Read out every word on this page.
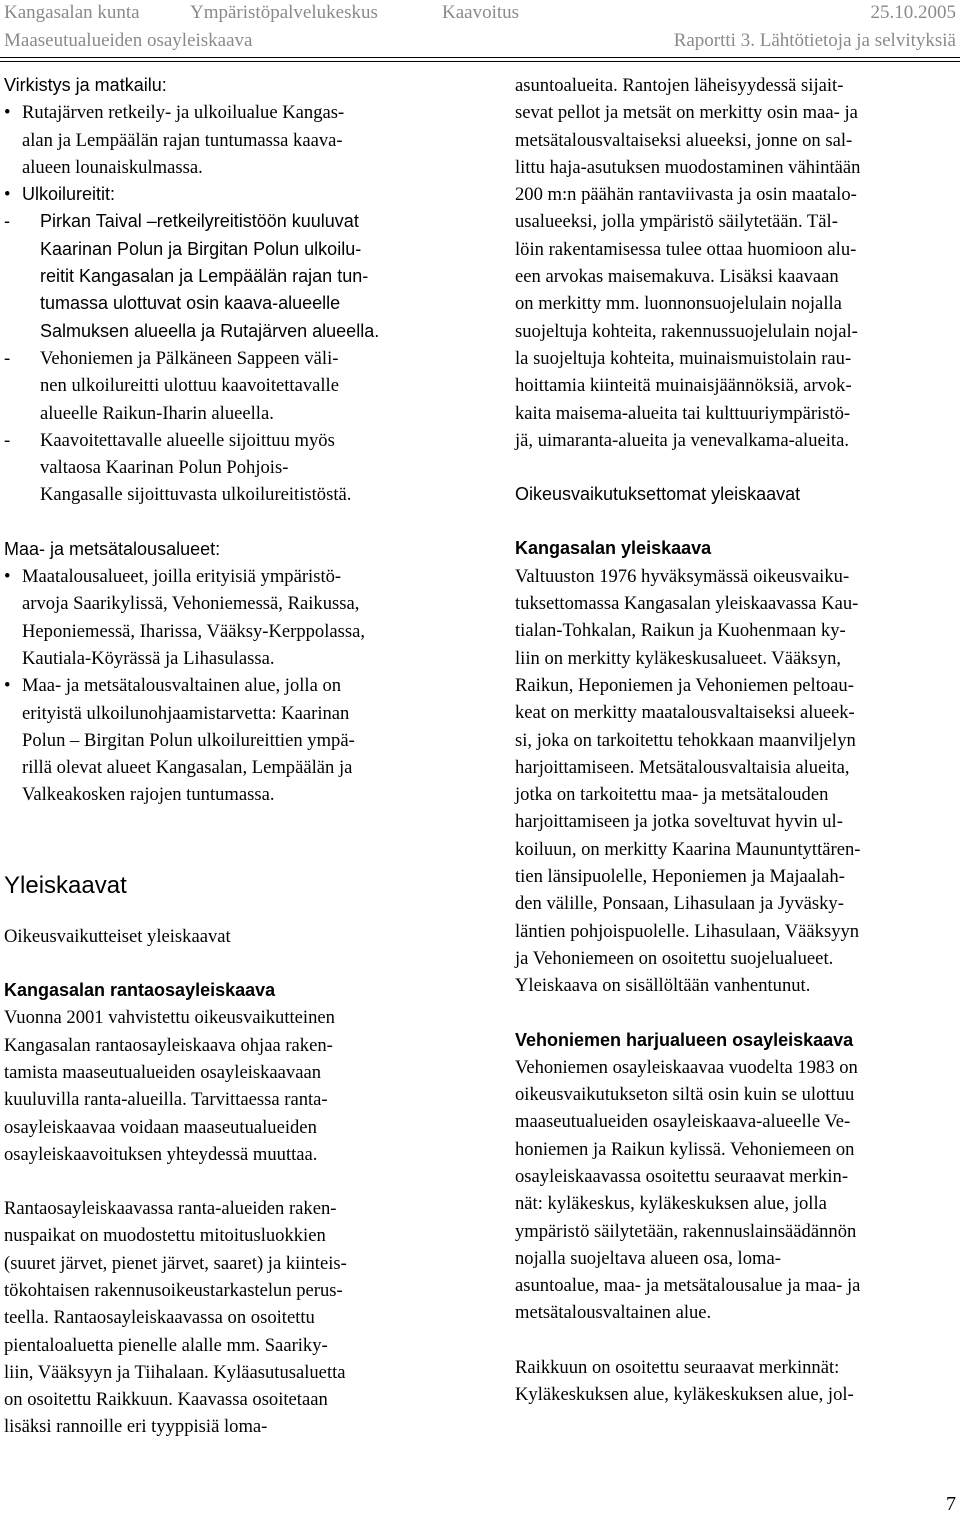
Kangasalan kunta	Ympäristöpalvelukeskus	Kaavoitus	25.10.2005
Maaseutualueiden osayleiskaava	Raportti 3. Lähtötietoja ja selvityksiä

Virkistys ja matkailu:

• Rutajärven retkeily- ja ulkoilualue Kangas-
alan ja Lempäälän rajan tuntumassa kaava-
alueen lounaiskulmassa.
• Ulkoilureitit:
-	Pirkan Taival –retkeilyreitistöön kuuluvat
Kaarinan Polun ja Birgitan Polun ulkoilu-
reitit Kangasalan ja Lempäälän rajan tun-
tumassa ulottuvat osin kaava-alueelle
Salmuksen alueella ja Rutajärven alueella.
-	Vehoniemen ja Pälkäneen Sappeen väli-
nen ulkoilureitti ulottuu kaavoitettavalle
alueelle Raikun-Iharin alueella.
-	Kaavoitettavalle alueelle sijoittuu myös
valtaosa Kaarinan Polun Pohjois-
Kangasalle sijoittuvasta ulkoilureitistöstä.

Maa- ja metsätalousalueet:

• Maatalousalueet, joilla erityisiä ympäristö-
arvoja Saarikylissä, Vehoniemessä, Raikussa,
Heponiemessä, Iharissa, Vääksy-Kerppolassa,
Kautiala-Köyrässä ja Lihasulassa.
• Maa- ja metsätalousvaltainen alue, jolla on
erityistä ulkoilunohjaamistarvetta: Kaarinan
Polun – Birgitan Polun ulkoilureittien ympä-
rillä olevat alueet Kangasalan, Lempäälän ja
Valkeakosken rajojen tuntumassa.

Yleiskaavat

Oikeusvaikutteiset yleiskaavat

Kangasalan rantaosayleiskaava

Vuonna 2001 vahvistettu oikeusvaikutteinen
Kangasalan rantaosayleiskaava ohjaa raken-
tamista maaseutualueiden osayleiskaavaan
kuuluvilla ranta-alueilla. Tarvittaessa ranta-
osayleiskaavaa voidaan maaseutualueiden
osayleiskaavoituksen yhteydessä muuttaa.
Rantaosayleiskaavassa ranta-alueiden raken-
nuspaikat on muodostettu mitoitusluokkien
(suuret järvet, pienet järvet, saaret) ja kiinteis-
tökohtaisen rakennusoikeustarkastelun perus-
teella. Rantaosayleiskaavassa on osoitettu
pientaloaluetta pienelle alalle mm. Saariky-
liin, Vääksyyn ja Tiihalaan. Kyläasutusaluetta
on osoitettu Raikkuun. Kaavassa osoitetaan
lisäksi rannoille eri tyyppisiä loma-
asuntoalueita. Rantojen läheisyydessä sijait-
sevat pellot ja metsät on merkitty osin maa- ja
metsätalousvaltaiseksi alueeksi, jonne on sal-
littu haja-asutuksen muodostaminen vähintään
200 m:n päähän rantaviivasta ja osin maatalo-
usalueeksi, jolla ympäristö säilytetään. Täl-
löin rakentamisessa tulee ottaa huomioon alu-
een arvokas maisemakuva. Lisäksi kaavaan
on merkitty mm. luonnonsuojelulain nojalla
suojeltuja kohteita, rakennussuojelulain nojal-
la suojeltuja kohteita, muinaismuistolain rau-
hoittamia kiinteitä muinaisjäännöksiä, arvok-
kaita maisema-alueita tai kulttuuriympäristö-
jä, uimaranta-alueita ja venevalkama-alueita.

Oikeusvaikutuksettomat yleiskaavat

Kangasalan yleiskaava

Valtuuston 1976 hyväksymässä oikeusvaiku-
tuksettomassa Kangasalan yleiskaavassa Kau-
tialan-Tohkalan, Raikun ja Kuohenmaan ky-
liin on merkitty kyläkeskusalueet. Vääksyn,
Raikun, Heponiemen ja Vehoniemen peltoau-
keat on merkitty maatalousvaltaiseksi alueek-
si, joka on tarkoitettu tehokkaan maanviljelyn
harjoittamiseen. Metsätalousvaltaisia alueita,
jotka on tarkoitettu maa- ja metsätalouden
harjoittamiseen ja jotka soveltuvat hyvin ul-
koiluun, on merkitty Kaarina Maununtyttären-
tien länsipuolelle, Heponiemen ja Majaalah-
den välille, Ponsaan, Lihasulaan ja Jyväsky-
läntien pohjoispuolelle. Lihasulaan, Vääksyyn
ja Vehoniemeen on osoitettu suojelualueet.
Yleiskaava on sisällöltään vanhentunut.

Vehoniemen harjualueen osayleiskaava

Vehoniemen osayleiskaavaa vuodelta 1983 on
oikeusvaikutukseton siltä osin kuin se ulottuu
maaseutualueiden osayleiskaava-alueelle Ve-
honiemen ja Raikun kylissä. Vehoniemeen on
osayleiskaavassa osoitettu seuraavat merkin-
nät: kyläkeskus, kyläkeskuksen alue, jolla
ympäristö säilytetään, rakennuslainsäädännön
nojalla suojeltava alueen osa, loma-
asuntoalue, maa- ja metsätalousalue ja maa- ja
metsätalousvaltainen alue.
Raikkuun on osoitettu seuraavat merkinnät:
Kyläkeskuksen alue, kyläkeskuksen alue, jol-
7
